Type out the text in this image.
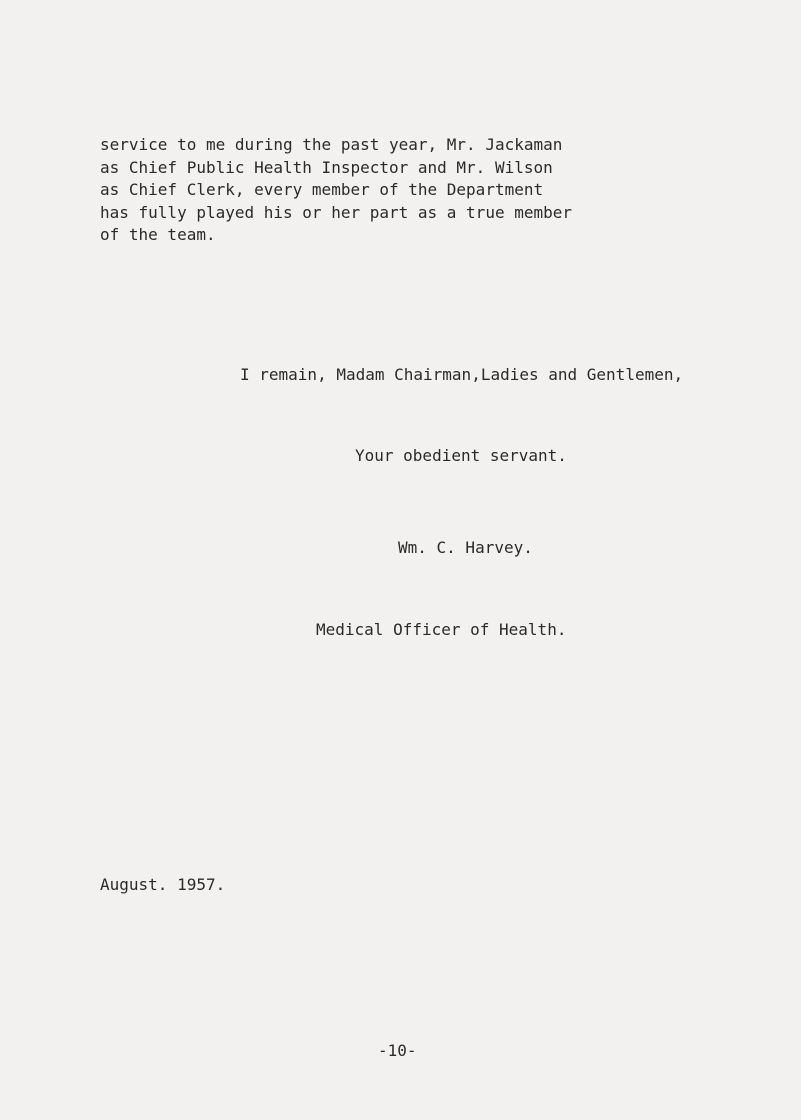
service to me during the past year, Mr. Jackaman
as Chief Public Health Inspector and Mr. Wilson
as Chief Clerk, every member of the Department
has fully played his or her part as a true member
of the team.

I remain, Madam Chairman,Ladies and Gentlemen,

Your obedient servant.

Wm. C. Harvey.

Medical Officer of Health.

August. 1957.

-10-
